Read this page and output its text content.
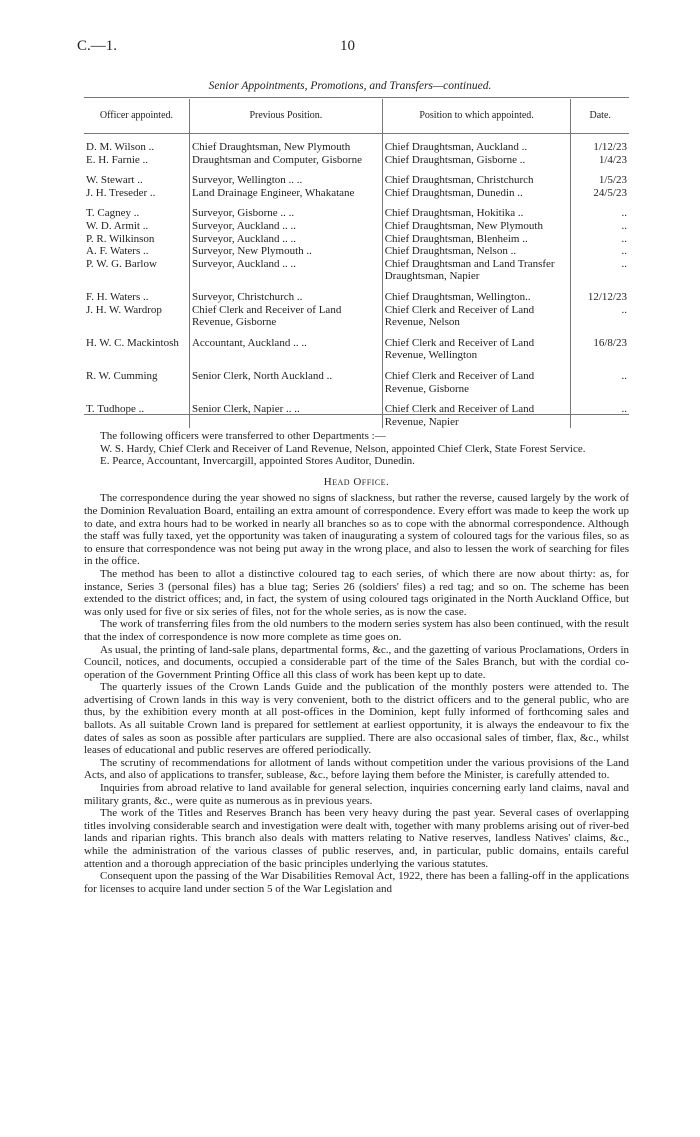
C.—1.	10
Senior Appointments, Promotions, and Transfers—continued.
Officer appointed.	Previous Position.	Position to which appointed.	Date.
D. M. Wilson ..	Chief Draughtsman, New Plymouth	Chief Draughtsman, Auckland ..	1/12/23
E. H. Farnie ..	Draughtsman and Computer, Gisborne	Chief Draughtsman, Gisborne ..	1/4/23
W. Stewart ..	Surveyor, Wellington .. ..	Chief Draughtsman, Christchurch	1/5/23
J. H. Treseder ..	Land Drainage Engineer, Whakatane	Chief Draughtsman, Dunedin ..	24/5/23
T. Cagney ..	Surveyor, Gisborne .. ..	Chief Draughtsman, Hokitika ..	..
W. D. Armit ..	Surveyor, Auckland .. ..	Chief Draughtsman, New Plymouth	..
P. R. Wilkinson	Surveyor, Auckland .. ..	Chief Draughtsman, Blenheim ..	..
A. F. Waters ..	Surveyor, New Plymouth ..	Chief Draughtsman, Nelson ..	..
P. W. G. Barlow	Surveyor, Auckland .. ..	Chief Draughtsman and Land Transfer Draughtsman, Napier	..
F. H. Waters ..	Surveyor, Christchurch ..	Chief Draughtsman, Wellington..	12/12/23
J. H. W. Wardrop	Chief Clerk and Receiver of Land Revenue, Gisborne	Chief Clerk and Receiver of Land Revenue, Nelson	..
H. W. C. Mackintosh	Accountant, Auckland .. ..	Chief Clerk and Receiver of Land Revenue, Wellington	16/8/23
R. W. Cumming	Senior Clerk, North Auckland ..	Chief Clerk and Receiver of Land Revenue, Gisborne	..
T. Tudhope ..	Senior Clerk, Napier .. ..	Chief Clerk and Receiver of Land Revenue, Napier	..

The following officers were transferred to other Departments :—

W. S. Hardy, Chief Clerk and Receiver of Land Revenue, Nelson, appointed Chief Clerk, State Forest Service.

E. Pearce, Accountant, Invercargill, appointed Stores Auditor, Dunedin.

Head Office.

The correspondence during the year showed no signs of slackness, but rather the reverse, caused largely by the work of the Dominion Revaluation Board, entailing an extra amount of correspondence. Every effort was made to keep the work up to date, and extra hours had to be worked in nearly all branches so as to cope with the abnormal correspondence. Although the staff was fully taxed, yet the opportunity was taken of inaugurating a system of coloured tags for the various files, so as to ensure that correspondence was not being put away in the wrong place, and also to lessen the work of searching for files in the office.

The method has been to allot a distinctive coloured tag to each series, of which there are now about thirty: as, for instance, Series 3 (personal files) has a blue tag; Series 26 (soldiers' files) a red tag; and so on. The scheme has been extended to the district offices; and, in fact, the system of using coloured tags originated in the North Auckland Office, but was only used for five or six series of files, not for the whole series, as is now the case.

The work of transferring files from the old numbers to the modern series system has also been continued, with the result that the index of correspondence is now more complete as time goes on.

As usual, the printing of land-sale plans, departmental forms, &c., and the gazetting of various Proclamations, Orders in Council, notices, and documents, occupied a considerable part of the time of the Sales Branch, but with the cordial co-operation of the Government Printing Office all this class of work has been kept up to date.

The quarterly issues of the Crown Lands Guide and the publication of the monthly posters were attended to. The advertising of Crown lands in this way is very convenient, both to the district officers and to the general public, who are thus, by the exhibition every month at all post-offices in the Dominion, kept fully informed of forthcoming sales and ballots. As all suitable Crown land is prepared for settlement at earliest opportunity, it is always the endeavour to fix the dates of sales as soon as possible after particulars are supplied. There are also occasional sales of timber, flax, &c., whilst leases of educational and public reserves are offered periodically.

The scrutiny of recommendations for allotment of lands without competition under the various provisions of the Land Acts, and also of applications to transfer, sublease, &c., before laying them before the Minister, is carefully attended to.

Inquiries from abroad relative to land available for general selection, inquiries concerning early land claims, naval and military grants, &c., were quite as numerous as in previous years.

The work of the Titles and Reserves Branch has been very heavy during the past year. Several cases of overlapping titles involving considerable search and investigation were dealt with, together with many problems arising out of river-bed lands and riparian rights. This branch also deals with matters relating to Native reserves, landless Natives' claims, &c., while the administration of the various classes of public reserves, and, in particular, public domains, entails careful attention and a thorough appreciation of the basic principles underlying the various statutes.

Consequent upon the passing of the War Disabilities Removal Act, 1922, there has been a falling-off in the applications for licenses to acquire land under section 5 of the War Legislation and
